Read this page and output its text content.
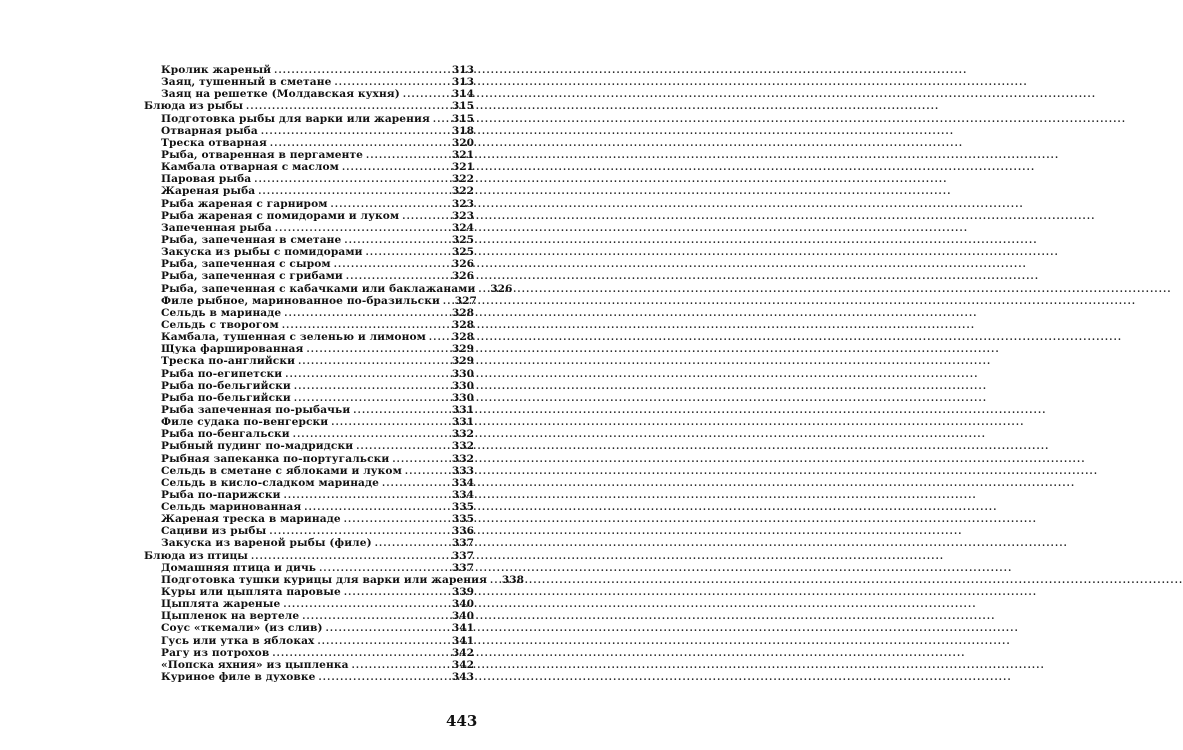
Кролик жареный .....	313
Заяц, тушенный в сметане .....	313
Заяц на решетке (Молдавская кухня) .....	314
Блюда из рыбы .....	315
Подготовка рыбы для варки или жарения .....	315
Отварная рыба .....	318
Треска отварная .....	320
Рыба, отваренная в пергаменте .....	321
Камбала отварная с маслом .....	321
Паровая рыба .....	322
Жареная рыба .....	322
Рыба жареная с гарниром .....	323
Рыба жареная с помидорами и луком .....	323
Запеченная рыба .....	324
Рыба, запеченная в сметане .....	325
Закуска из рыбы с помидорами .....	325
Рыба, запеченная с сыром .....	326
Рыба, запеченная с грибами .....	326
Рыба, запеченная с кабачками или баклажанами .....	326
Филе рыбное, маринованное по-бразильски .....	327
Сельдь в маринаде .....	328
Сельдь с творогом .....	328
Камбала, тушенная с зеленью и лимоном .....	328
Щука фаршированная .....	329
Треска по-английски .....	329
Рыба по-египетски .....	330
Рыба по-бельгийски .....	330
Рыба по-бельгийски .....	330
Рыба запеченная по-рыбачьи .....	331
Филе судака по-венгерски .....	331
Рыба по-бенгальски .....	332
Рыбный пудинг по-мадридски .....	332
Рыбная запеканка по-португальски .....	332
Сельдь в сметане с яблоками и луком .....	333
Сельдь в кисло-сладком маринаде .....	334
Рыба по-парижски .....	334
Сельдь маринованная .....	335
Жареная треска в маринаде .....	335
Сациви из рыбы .....	336
Закуска из вареной рыбы (филе) .....	337
Блюда из птицы .....	337
Домашняя птица и дичь .....	337
Подготовка тушки курицы для варки или жарения .....	338
Куры или цыплята паровые .....	339
Цыплята жареные .....	340
Цыпленок на вертеле .....	340
Соус «ткемали» (из слив) .....	341
Гусь или утка в яблоках .....	341
Рагу из потрохов .....	342
«Попска яхния» из цыпленка .....	342
Куриное филе в духовке .....	343
443
